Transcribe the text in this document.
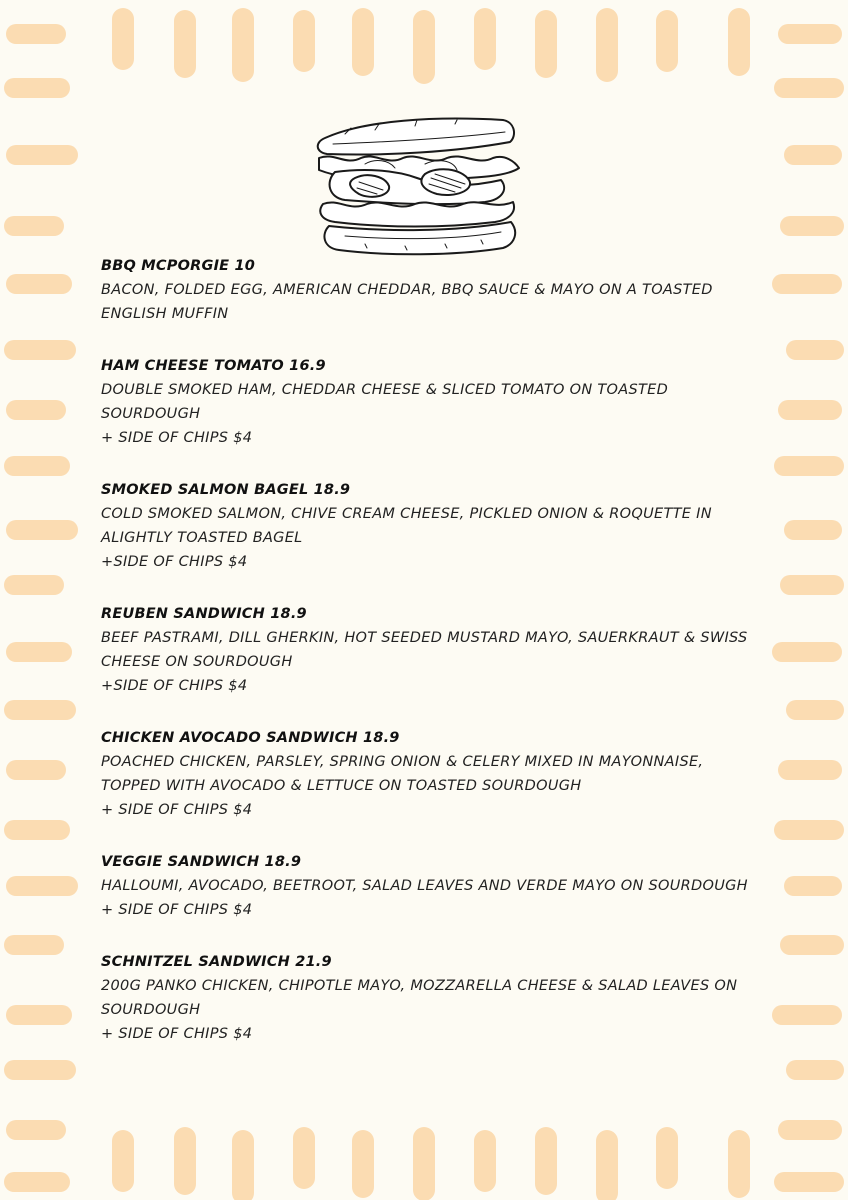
BBQ MCPORGIE 10
BACON, FOLDED EGG, AMERICAN CHEDDAR, BBQ SAUCE & MAYO ON A TOASTED ENGLISH MUFFIN
HAM CHEESE TOMATO 16.9
DOUBLE SMOKED HAM, CHEDDAR CHEESE & SLICED TOMATO ON TOASTED SOURDOUGH
+ SIDE OF CHIPS $4
SMOKED SALMON BAGEL 18.9
COLD SMOKED SALMON, CHIVE CREAM CHEESE, PICKLED ONION & ROQUETTE IN ALIGHTLY TOASTED BAGEL
+SIDE OF CHIPS $4
REUBEN SANDWICH 18.9
BEEF PASTRAMI, DILL GHERKIN, HOT SEEDED MUSTARD MAYO, SAUERKRAUT & SWISS CHEESE ON SOURDOUGH
+SIDE OF CHIPS $4
CHICKEN AVOCADO SANDWICH 18.9
POACHED CHICKEN, PARSLEY, SPRING ONION & CELERY MIXED IN MAYONNAISE, TOPPED WITH AVOCADO & LETTUCE ON TOASTED SOURDOUGH
+ SIDE OF CHIPS $4
VEGGIE SANDWICH 18.9
HALLOUMI, AVOCADO, BEETROOT, SALAD LEAVES AND VERDE MAYO ON SOURDOUGH
+ SIDE OF CHIPS $4
SCHNITZEL SANDWICH 21.9
200G PANKO CHICKEN, CHIPOTLE MAYO, MOZZARELLA CHEESE & SALAD LEAVES ON SOURDOUGH
+ SIDE OF CHIPS $4
